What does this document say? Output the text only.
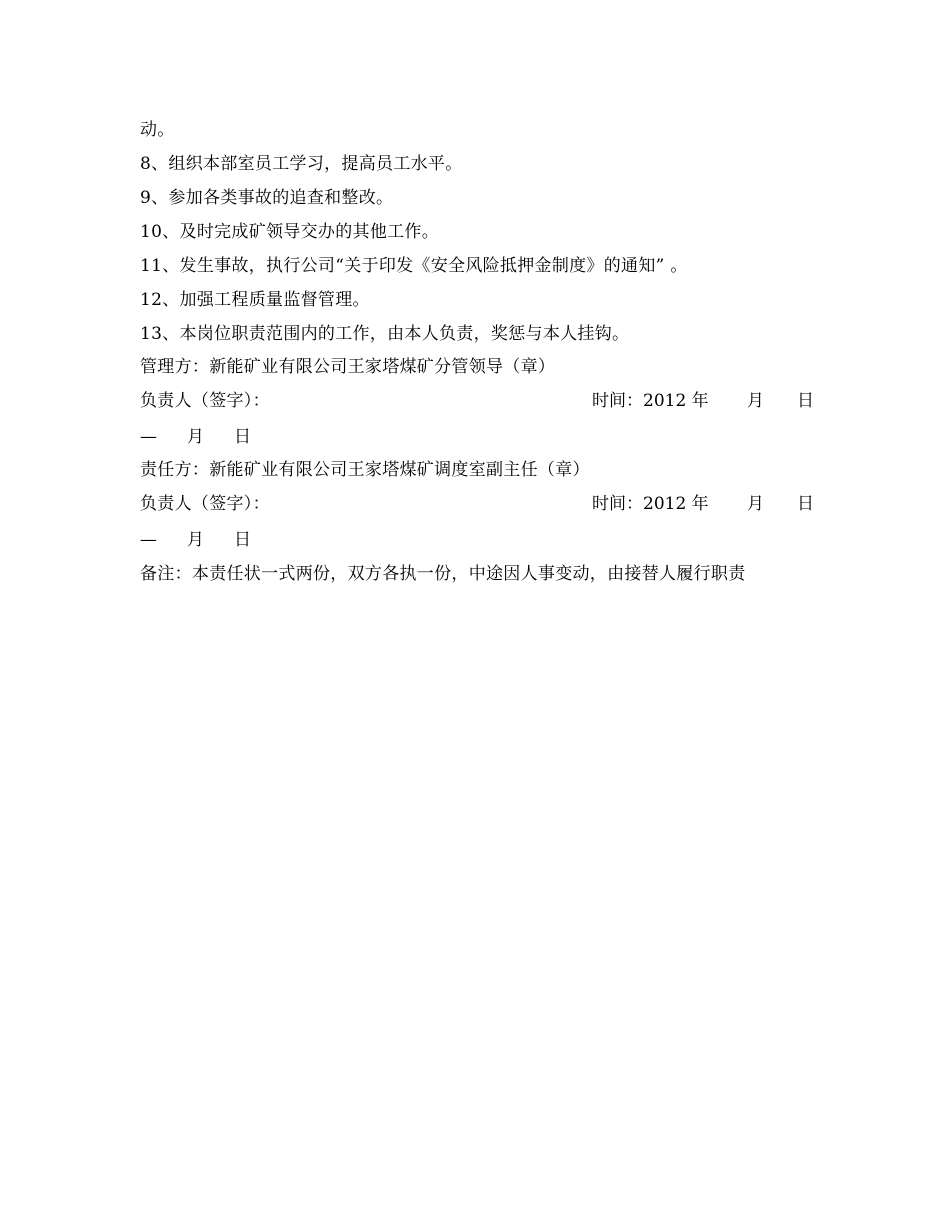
动。
8、组织本部室员工学习，提高员工水平。
9、参加各类事故的追查和整改。
10、及时完成矿领导交办的其他工作。
11、发生事故，执行公司“关于印发《安全风险抵押金制度》的通知” 。
12、加强工程质量监督管理。
13、本岗位职责范围内的工作，由本人负责，奖惩与本人挂钩。
管理方：新能矿业有限公司王家塔煤矿分管领导（章）
负责人（签字）：	时间：2012 年 月 日
— 月 日
责任方：新能矿业有限公司王家塔煤矿调度室副主任（章）
负责人（签字）：	时间：2012 年 月 日
— 月 日
备注：本责任状一式两份，双方各执一份，中途因人事变动，由接替人履行职责
